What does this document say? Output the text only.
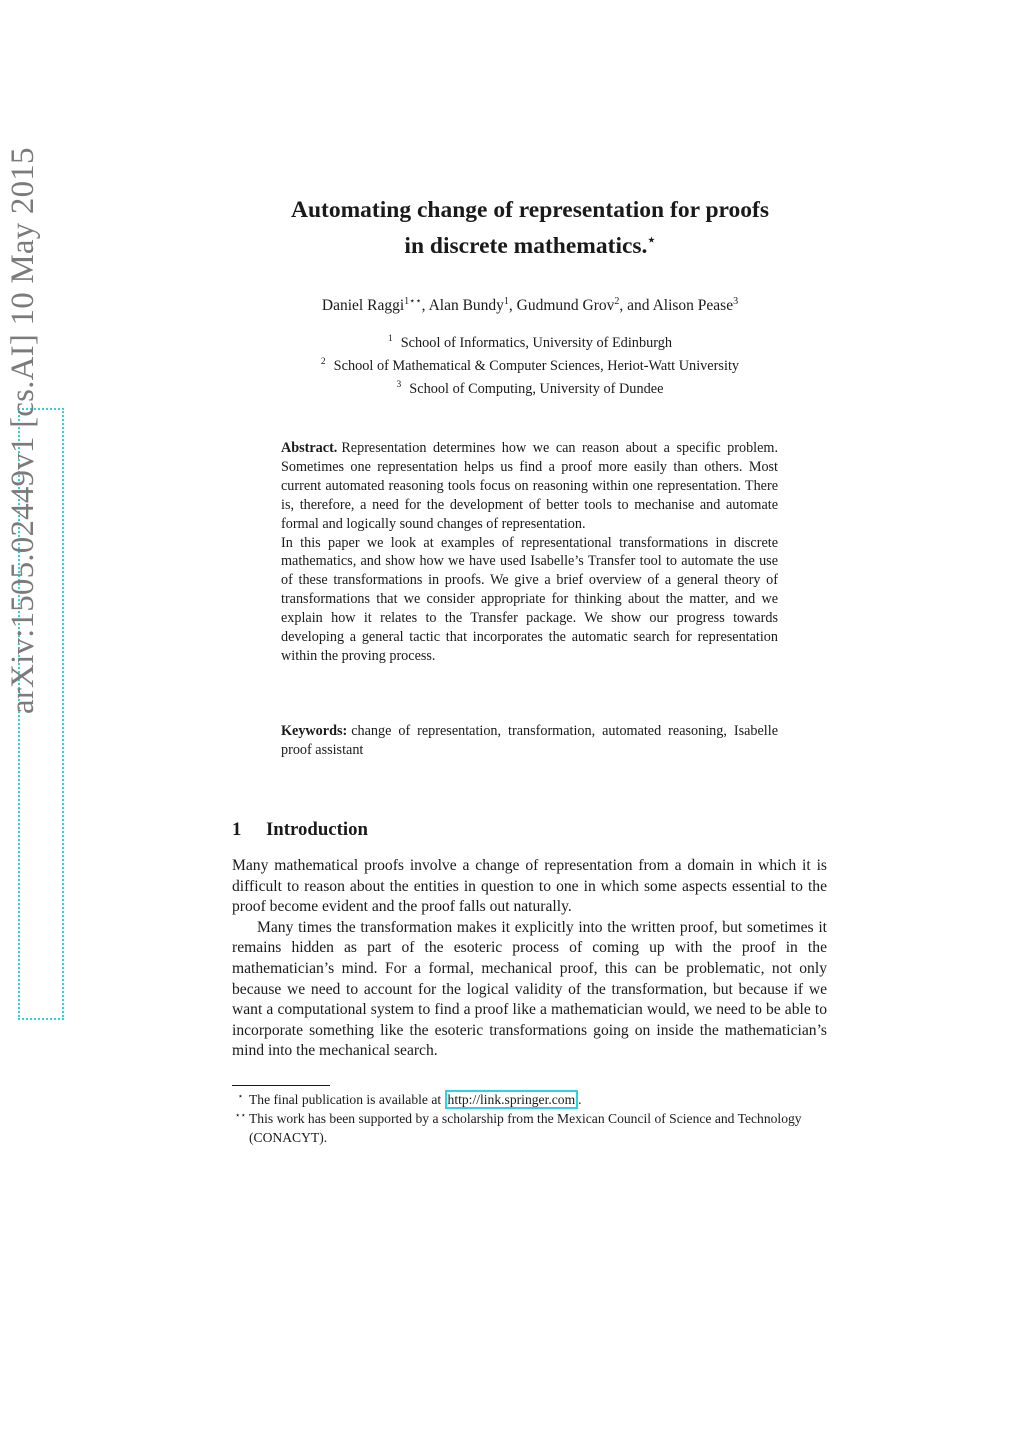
arXiv:1505.02449v1 [cs.AI] 10 May 2015	Automating change of representation for proofs
in discrete mathematics.⋆
Daniel Raggi$^{1⋆⋆}$, Alan Bundy$^1$, Gudmund Grov$^2$, and Alison Pease$^3$
$^1$ School of Informatics, University of Edinburgh
$^2$ School of Mathematical & Computer Sciences, Heriot-Watt University
$^3$ School of Computing, University of Dundee

Abstract. Representation determines how we can reason about a specific problem. Sometimes one representation helps us find a proof more easily than others. Most current automated reasoning tools focus on reasoning within one representation. There is, therefore, a need for the development of better tools to mechanise and automate formal and logically sound changes of representation.

In this paper we look at examples of representational transformations in discrete mathematics, and show how we have used Isabelle’s Transfer tool to automate the use of these transformations in proofs. We give a brief overview of a general theory of transformations that we consider appropriate for thinking about the matter, and we explain how it relates to the Transfer package. We show our progress towards developing a general tactic that incorporates the automatic search for representation within the proving process.

Keywords: change of representation, transformation, automated reasoning, Isabelle proof assistant
1 Introduction

Many mathematical proofs involve a change of representation from a domain in which it is difficult to reason about the entities in question to one in which some aspects essential to the proof become evident and the proof falls out naturally.

Many times the transformation makes it explicitly into the written proof, but sometimes it remains hidden as part of the esoteric process of coming up with the proof in the mathematician’s mind. For a formal, mechanical proof, this can be problematic, not only because we need to account for the logical validity of the transformation, but because if we want a computational system to find a proof like a mathematician would, we need to be able to incorporate something like the esoteric transformations going on inside the mathematician’s mind into the mechanical search.

⋆ The final publication is available at http://link.springer.com .
⋆⋆ This work has been supported by a scholarship from the Mexican Council of Science and Technology (CONACYT).
